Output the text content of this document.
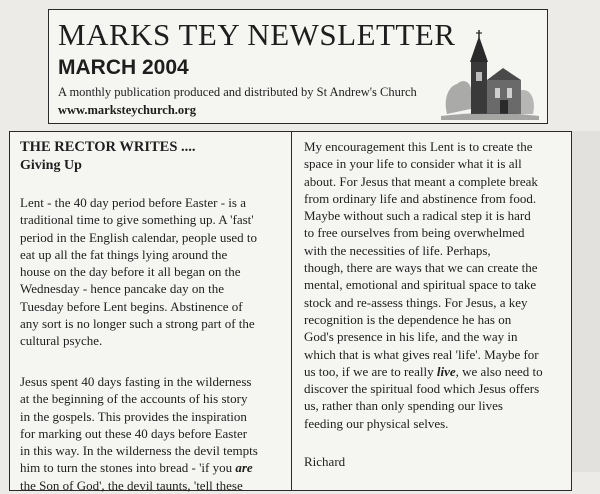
MARKS TEY NEWSLETTER
MARCH 2004
A monthly publication produced and distributed by St Andrew's Church
www.marksteychurch.org
THE RECTOR WRITES ....
Giving Up
Lent - the 40 day period before Easter - is a
traditional time to give something up. A 'fast'
period in the English calendar, people used to
eat up all the fat things lying around the
house on the day before it all began on the
Wednesday - hence pancake day on the
Tuesday before Lent begins. Abstinence of
any sort is no longer such a strong part of the
cultural psyche.
Jesus spent 40 days fasting in the wilderness
at the beginning of the accounts of his story
in the gospels. This provides the inspiration
for marking out these 40 days before Easter
in this way. In the wilderness the devil tempts
him to turn the stones into bread - 'if you are
the Son of God', the devil taunts, 'tell these
My encouragement this Lent is to create the
space in your life to consider what it is all
about. For Jesus that meant a complete break
from ordinary life and abstinence from food.
Maybe without such a radical step it is hard
to free ourselves from being overwhelmed
with the necessities of life. Perhaps,
though, there are ways that we can create the
mental, emotional and spiritual space to take
stock and re-assess things. For Jesus, a key
recognition is the dependence he has on
God's presence in his life, and the way in
which that is what gives real 'life'. Maybe for
us too, if we are to really live, we also need to
discover the spiritual food which Jesus offers
us, rather than only spending our lives
feeding our physical selves.
Richard
